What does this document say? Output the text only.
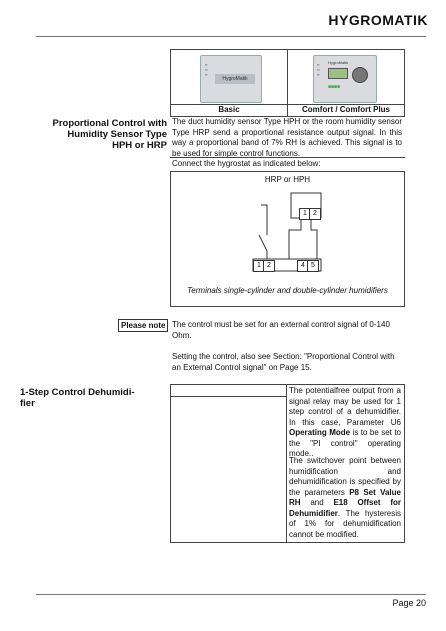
HYGROMATIK
▪▪
▪▪
▪▪
HygroMatik
Basic
▪▪
▪▪
▪▪
HygroMatik
■■■■
Comfort / Comfort Plus
Proportional Control with
Humidity Sensor Type
HPH or HRP
The duct humidity sensor Type HPH or the room humidity sensor Type HRP send a proportional resistance output signal. In this way a proportional band of 7% RH is achieved. This signal is to be used for simple control functions.
Connect the hygrostat as indicated below:
HRP or HPH
1 2
1 2	4 5
Terminals single-cylinder and double-cylinder humidifiers
Please note The control must be set for an external control signal of 0-140 Ohm.
Setting the control, also see Section: "Proportional Control with an External Control signal" on Page 15.
1-Step Control Dehumidi-
fier
The potentialfree output from a signal relay may be used for 1 step control of a dehumidifier. In this case, Parameter U6 Operating Mode is to be set to the "PI control" operating mode..
The switchover point between humidification and dehumidification is specified by the parameters P8 Set Value RH and E18 Offset for Dehumidifier. The hysteresis of 1% for dehumidification cannot be modified.
Page 20
